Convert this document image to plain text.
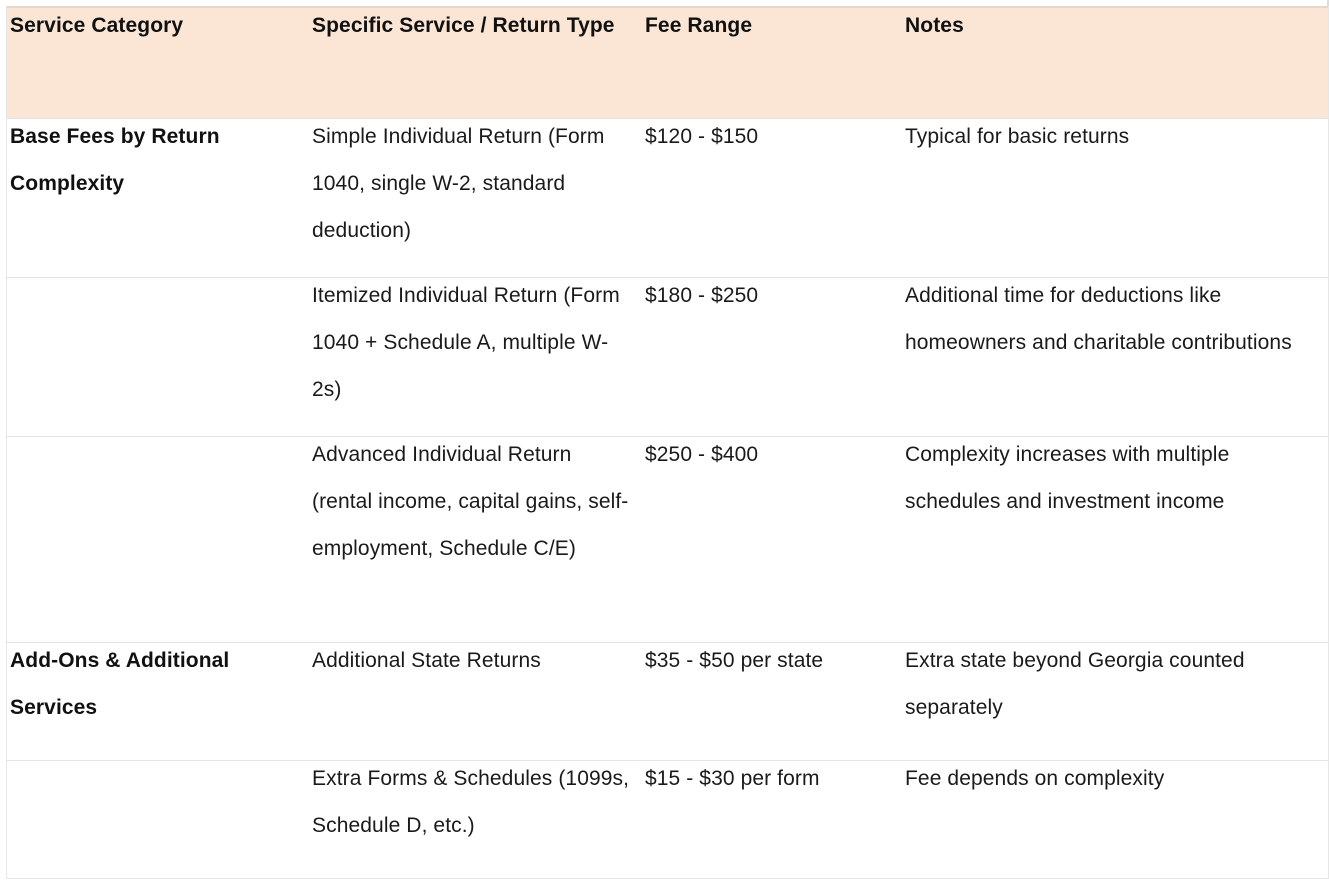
Service Category	Specific Service / Return Type	Fee Range	Notes

Base Fees by Return Complexity	Simple Individual Return (Form 1040, single W-2, standard deduction)	$120 - $150	Typical for basic returns

	Itemized Individual Return (Form 1040 + Schedule A, multiple W-2s)	$180 - $250	Additional time for deductions like homeowners and charitable contributions

	Advanced Individual Return (rental income, capital gains, self-employment, Schedule C/E)	$250 - $400	Complexity increases with multiple schedules and investment income

Add-Ons & Additional Services	Additional State Returns	$35 - $50 per state	Extra state beyond Georgia counted separately

	Extra Forms & Schedules (1099s, Schedule D, etc.)	$15 - $30 per form	Fee depends on complexity
